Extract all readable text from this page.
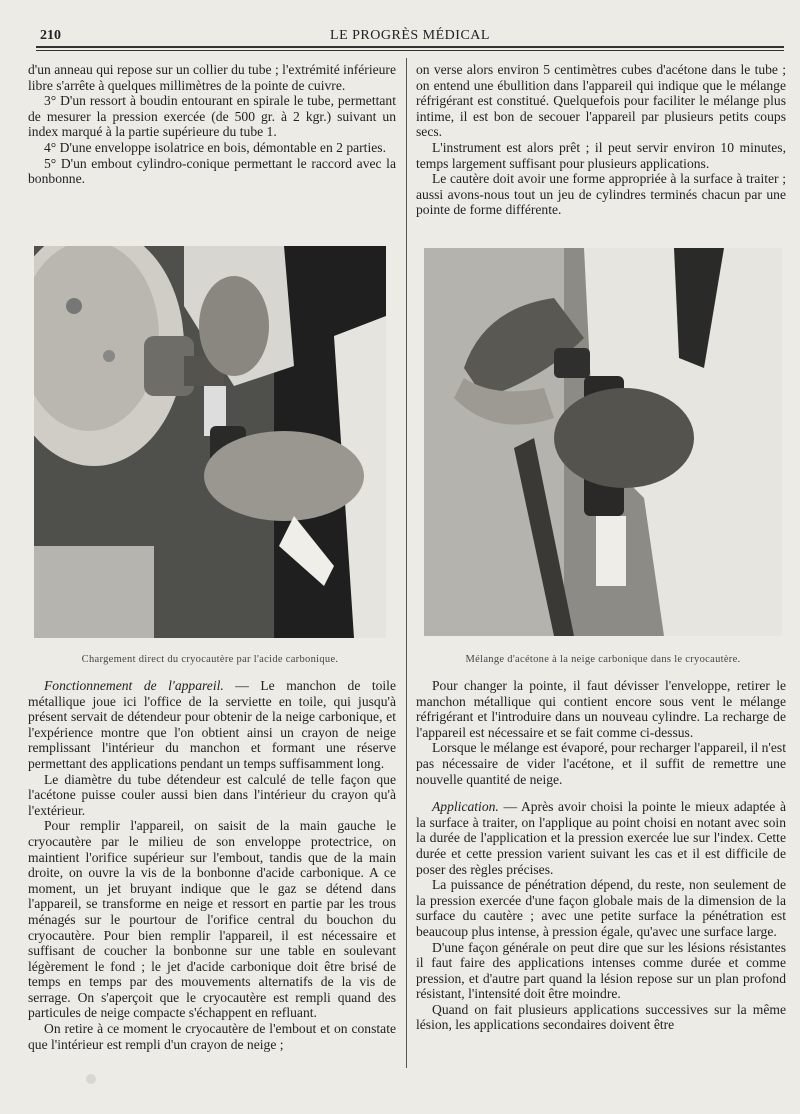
210	LE PROGRÈS MÉDICAL

d'un anneau qui repose sur un collier du tube ; l'extrémité inférieure libre s'arrête à quelques millimètres de la pointe de cuivre.

3° D'un ressort à boudin entourant en spirale le tube, permettant de mesurer la pression exercée (de 500 gr. à 2 kgr.) suivant un index marqué à la partie supérieure du tube 1.

4° D'une enveloppe isolatrice en bois, démontable en 2 parties.

5° D'un embout cylindro-conique permettant le raccord avec la bonbonne.

on verse alors environ 5 centimètres cubes d'acétone dans le tube ; on entend une ébullition dans l'appareil qui indique que le mélange réfrigérant est constitué. Quelquefois pour faciliter le mélange plus intime, il est bon de secouer l'appareil par plusieurs petits coups secs.

L'instrument est alors prêt ; il peut servir environ 10 minutes, temps largement suffisant pour plusieurs applications.

Le cautère doit avoir une forme appropriée à la surface à traiter ; aussi avons-nous tout un jeu de cylindres terminés chacun par une pointe de forme différente.

Chargement direct du cryocautère par l'acide carbonique.	Mélange d'acétone à la neige carbonique dans le cryocautère.

Fonctionnement de l'appareil. — Le manchon de toile métallique joue ici l'office de la serviette en toile, qui jusqu'à présent servait de détendeur pour obtenir de la neige carbonique, et l'expérience montre que l'on obtient ainsi un crayon de neige remplissant l'intérieur du manchon et formant une réserve permettant des applications pendant un temps suffisamment long.

Le diamètre du tube détendeur est calculé de telle façon que l'acétone puisse couler aussi bien dans l'intérieur du crayon qu'à l'extérieur.

Pour remplir l'appareil, on saisit de la main gauche le cryocautère par le milieu de son enveloppe protectrice, on maintient l'orifice supérieur sur l'embout, tandis que de la main droite, on ouvre la vis de la bonbonne d'acide carbonique. A ce moment, un jet bruyant indique que le gaz se détend dans l'appareil, se transforme en neige et ressort en partie par les trous ménagés sur le pourtour de l'orifice central du bouchon du cryocautère. Pour bien remplir l'appareil, il est nécessaire et suffisant de coucher la bonbonne sur une table en soulevant légèrement le fond ; le jet d'acide carbonique doit être brisé de temps en temps par des mouvements alternatifs de la vis de serrage. On s'aperçoit que le cryocautère est rempli quand des particules de neige compacte s'échappent en refluant.

On retire à ce moment le cryocautère de l'embout et on constate que l'intérieur est rempli d'un crayon de neige ;

Pour changer la pointe, il faut dévisser l'enveloppe, retirer le manchon métallique qui contient encore sous vent le mélange réfrigérant et l'introduire dans un nouveau cylindre. La recharge de l'appareil est nécessaire et se fait comme ci-dessus.

Lorsque le mélange est évaporé, pour recharger l'appareil, il n'est pas nécessaire de vider l'acétone, et il suffit de remettre une nouvelle quantité de neige.

Application. — Après avoir choisi la pointe le mieux adaptée à la surface à traiter, on l'applique au point choisi en notant avec soin la durée de l'application et la pression exercée lue sur l'index. Cette durée et cette pression varient suivant les cas et il est difficile de poser des règles précises.

La puissance de pénétration dépend, du reste, non seulement de la pression exercée d'une façon globale mais de la dimension de la surface du cautère ; avec une petite surface la pénétration est beaucoup plus intense, à pression égale, qu'avec une surface large.

D'une façon générale on peut dire que sur les lésions résistantes il faut faire des applications intenses comme durée et comme pression, et d'autre part quand la lésion repose sur un plan profond résistant, l'intensité doit être moindre.

Quand on fait plusieurs applications successives sur la même lésion, les applications secondaires doivent être
